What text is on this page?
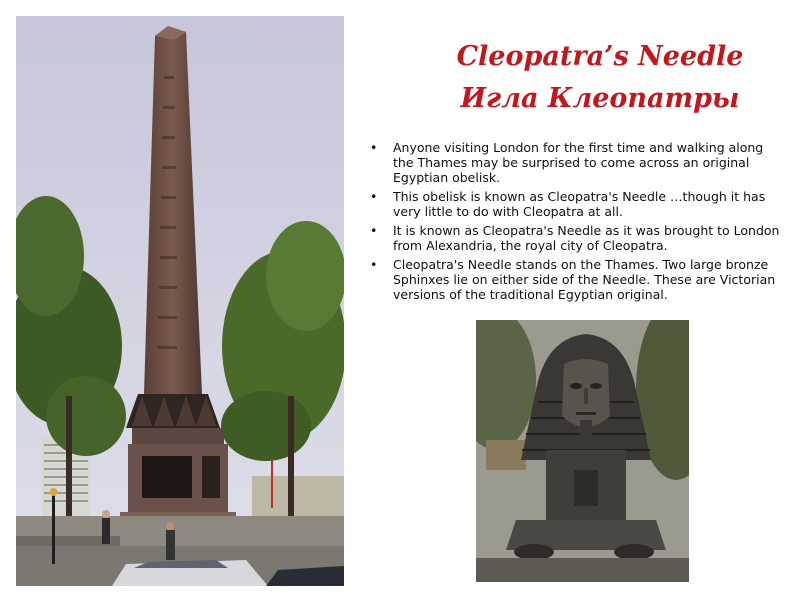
Cleopatra’s Needle
Игла Клеопатры
•	Anyone visiting London for the first time and walking along the Thames may be surprised to come across an original Egyptian obelisk.
•	This obelisk is known as Cleopatra's Needle …though it has very little to do with Cleopatra at all.
•	It is known as Cleopatra's Needle as it was brought to London from Alexandria, the royal city of Cleopatra.
•	Cleopatra's Needle stands on the Thames. Two large bronze Sphinxes lie on either side of the Needle. These are Victorian versions of the traditional Egyptian original.
